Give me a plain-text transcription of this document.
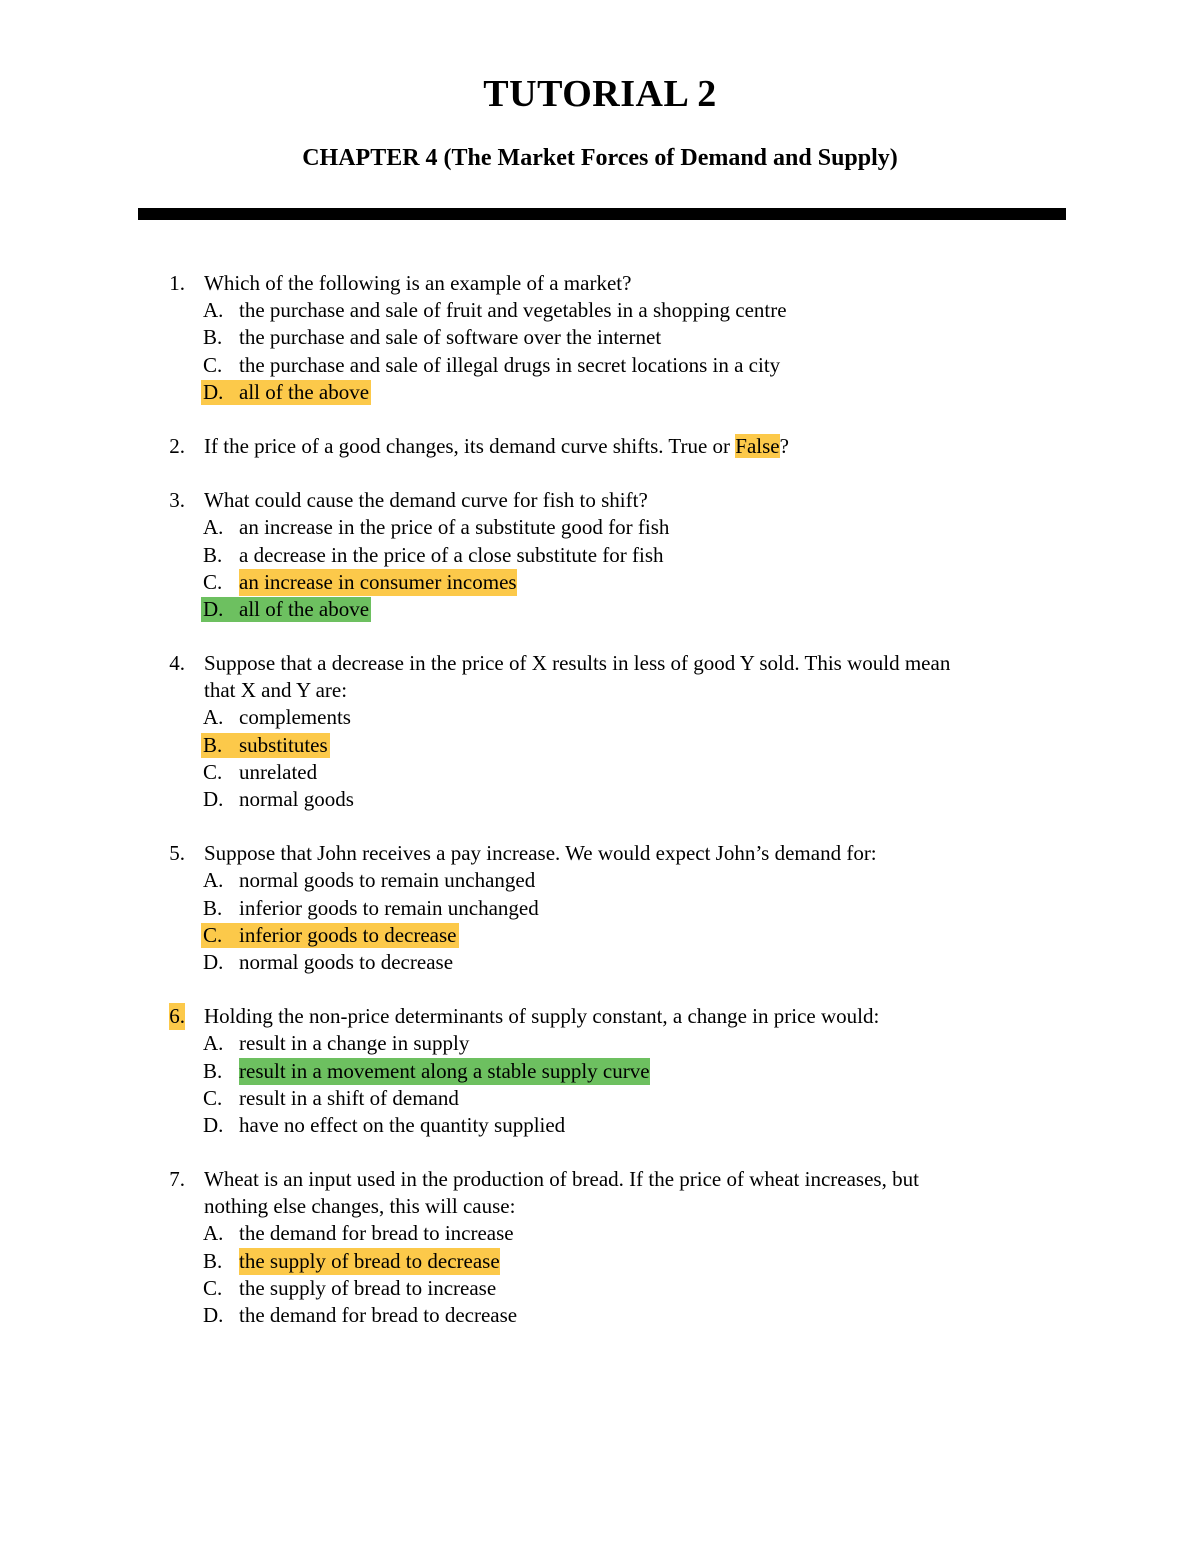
TUTORIAL 2
CHAPTER 4 (The Market Forces of Demand and Supply)
1. Which of the following is an example of a market?
A. the purchase and sale of fruit and vegetables in a shopping centre
B. the purchase and sale of software over the internet
C. the purchase and sale of illegal drugs in secret locations in a city
D. all of the above
2. If the price of a good changes, its demand curve shifts. True or False?
3. What could cause the demand curve for fish to shift?
A. an increase in the price of a substitute good for fish
B. a decrease in the price of a close substitute for fish
C. an increase in consumer incomes
D. all of the above
4. Suppose that a decrease in the price of X results in less of good Y sold. This would mean
that X and Y are:
A. complements
B. substitutes
C. unrelated
D. normal goods
5. Suppose that John receives a pay increase. We would expect John’s demand for:
A. normal goods to remain unchanged
B. inferior goods to remain unchanged
C. inferior goods to decrease
D. normal goods to decrease
6. Holding the non-price determinants of supply constant, a change in price would:
A. result in a change in supply
B. result in a movement along a stable supply curve
C. result in a shift of demand
D. have no effect on the quantity supplied
7. Wheat is an input used in the production of bread. If the price of wheat increases, but
nothing else changes, this will cause:
A. the demand for bread to increase
B. the supply of bread to decrease
C. the supply of bread to increase
D. the demand for bread to decrease
